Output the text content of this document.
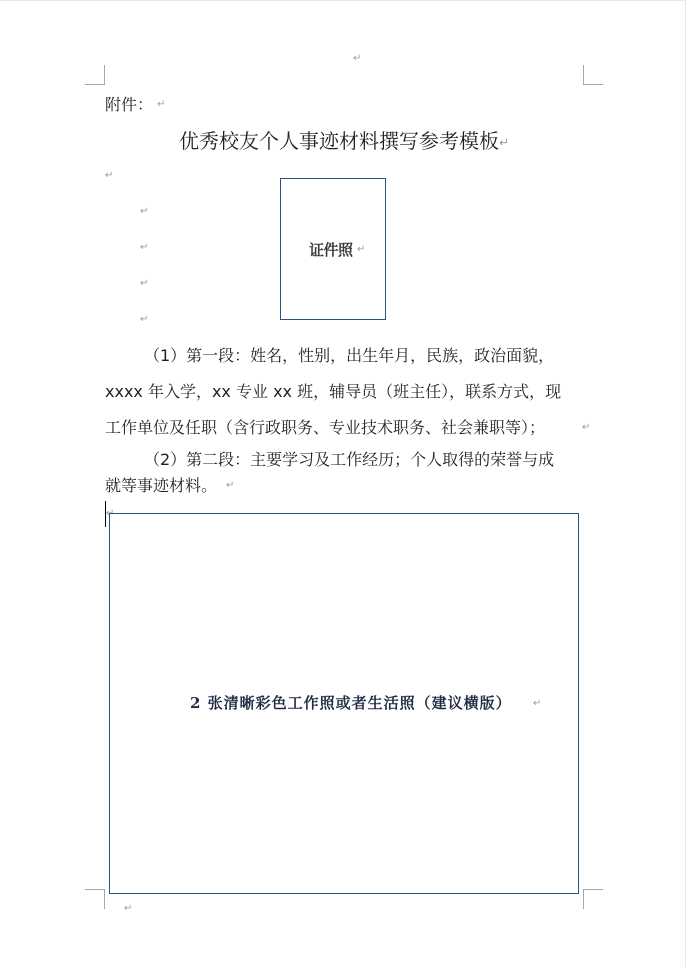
↵
附件： ↵
优秀校友个人事迹材料撰写参考模板↵
↵
↵
↵
↵
↵
证件照 ↵
（1）第一段：姓名，性别，出生年月，民族，政治面貌，
xxxx 年入学，xx 专业 xx 班，辅导员（班主任），联系方式，现
工作单位及任职（含行政职务、专业技术职务、社会兼职等）；	↵
（2）第二段：主要学习及工作经历；个人取得的荣誉与成
就等事迹材料。 ↵
↵
2 张清晰彩色工作照或者生活照（建议横版） ↵
↵
